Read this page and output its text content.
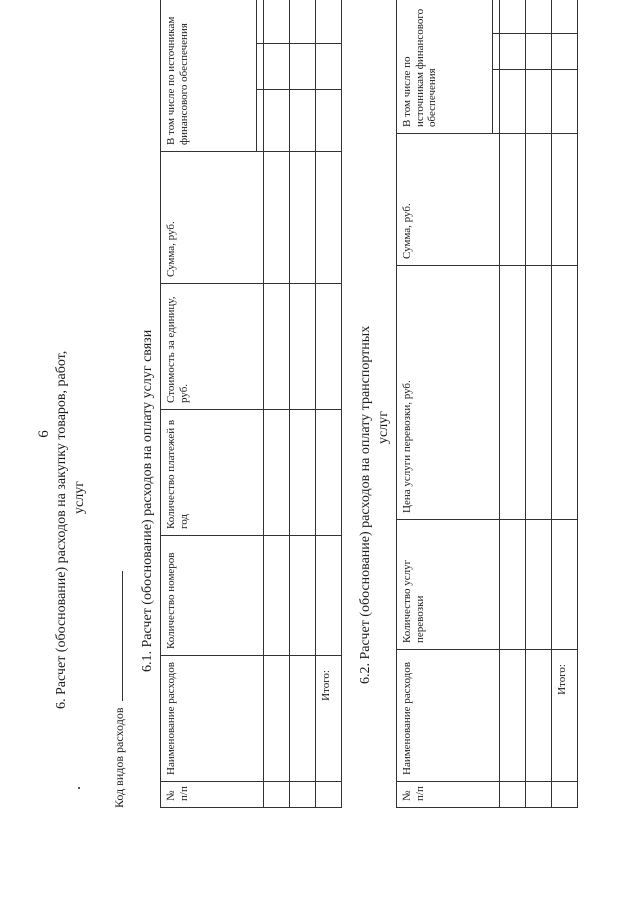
6 6. Расчет (обоснование) расходов на закупку товаров, работ, услуг
Код видов расходов
6.1. Расчет (обоснование) расходов на оплату услуг связи
№ п/п	Наименование расходов	Количество номеров	Количество платежей в год	Стоимость за единицу, руб.	Сумма, руб.	В том числе по источникам финансового обеспечения		

	Итого:							
6.2. Расчет (обоснование) расходов на оплату транспортных услуг
№ п/п	Наименование расходов	Количество услуг перевозки	Цена услуги перевозки, руб.	Сумма, руб.	В том числе по источникам финансового обеспечения		

	Итого:						
